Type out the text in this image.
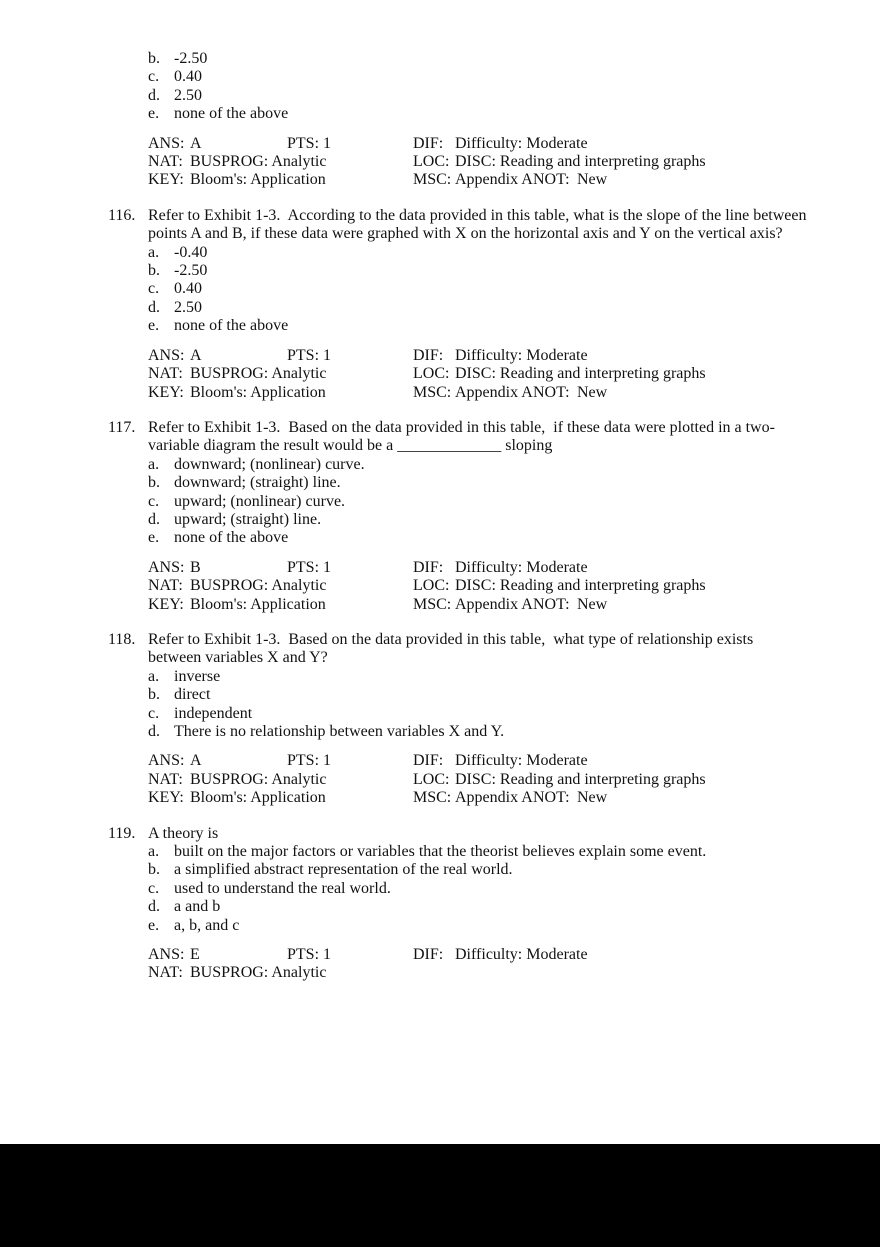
b. -2.50
c. 0.40
d. 2.50
e. none of the above
ANS: A	PTS: 1	DIF: Difficulty: Moderate
NAT: BUSPROG: Analytic	LOC: DISC: Reading and interpreting graphs
KEY: Bloom's: Application	MSC: Appendix A NOT: New
116. Refer to Exhibit 1-3.  According to the data provided in this table, what is the slope of the line between
points A and B, if these data were graphed with X on the horizontal axis and Y on the vertical axis?
a. -0.40
b. -2.50
c. 0.40
d. 2.50
e. none of the above
ANS: A	PTS: 1	DIF: Difficulty: Moderate
NAT: BUSPROG: Analytic	LOC: DISC: Reading and interpreting graphs
KEY: Bloom's: Application	MSC: Appendix A NOT: New
117. Refer to Exhibit 1-3.  Based on the data provided in this table,  if these data were plotted in a two-
variable diagram the result would be a _____________ sloping
a. downward; (nonlinear) curve.
b. downward; (straight) line.
c. upward; (nonlinear) curve.
d. upward; (straight) line.
e. none of the above
ANS: B	PTS: 1	DIF: Difficulty: Moderate
NAT: BUSPROG: Analytic	LOC: DISC: Reading and interpreting graphs
KEY: Bloom's: Application	MSC: Appendix A NOT: New
118. Refer to Exhibit 1-3.  Based on the data provided in this table,  what type of relationship exists
between variables X and Y?
a. inverse
b. direct
c. independent
d. There is no relationship between variables X and Y.
ANS: A	PTS: 1	DIF: Difficulty: Moderate
NAT: BUSPROG: Analytic	LOC: DISC: Reading and interpreting graphs
KEY: Bloom's: Application	MSC: Appendix A NOT: New
119. A theory is
a. built on the major factors or variables that the theorist believes explain some event.
b. a simplified abstract representation of the real world.
c. used to understand the real world.
d. a and b
e. a, b, and c
ANS: E	PTS: 1	DIF: Difficulty: Moderate
NAT: BUSPROG: Analytic
